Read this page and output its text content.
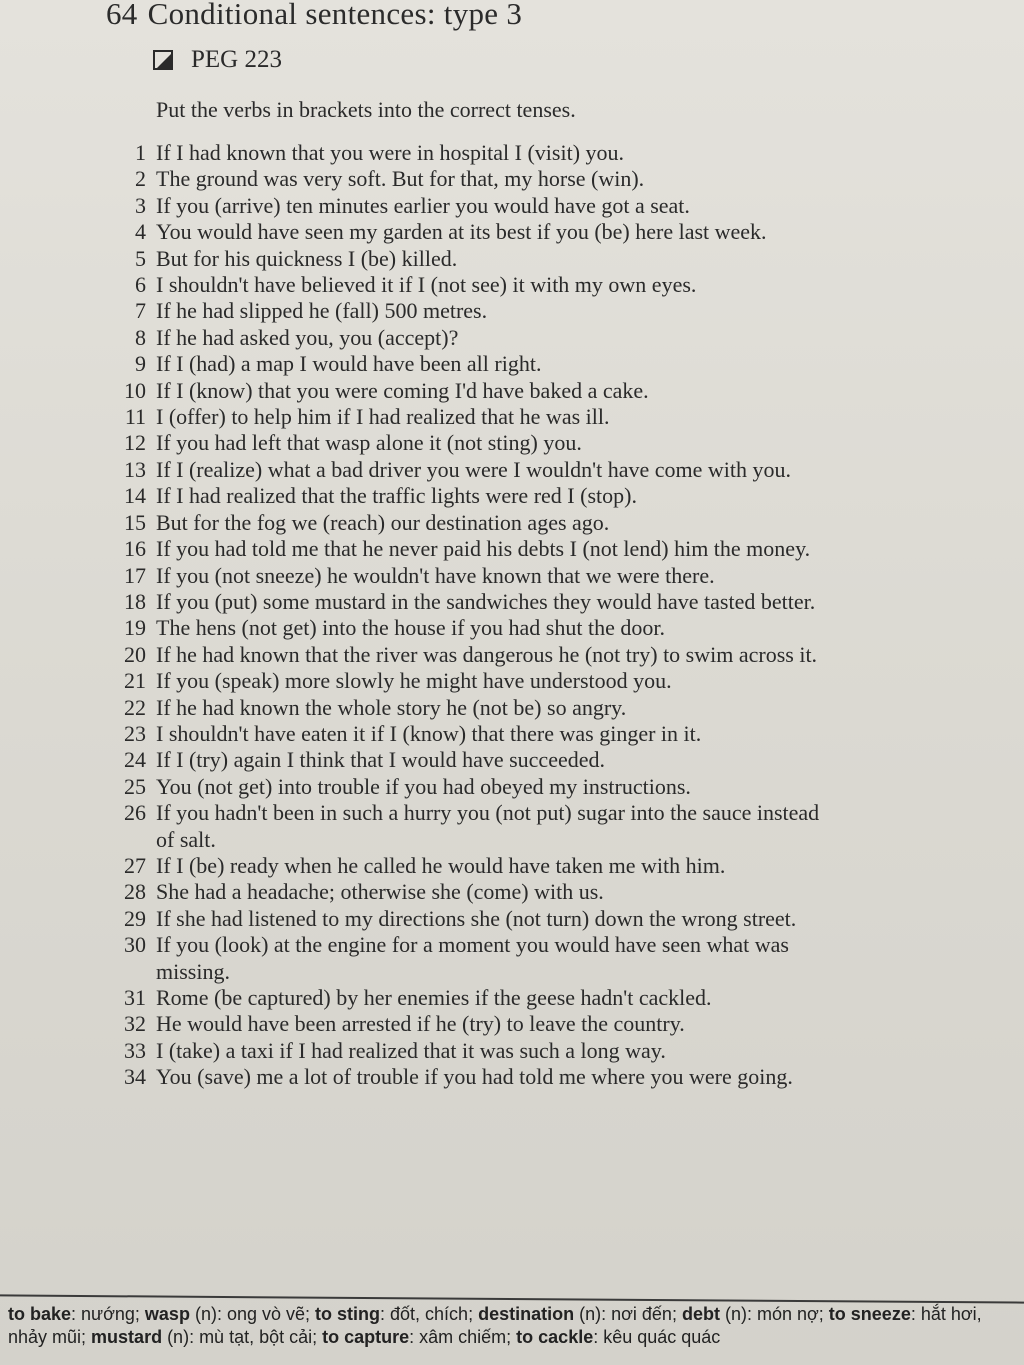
64 Conditional sentences: type 3
PEG 223
Put the verbs in brackets into the correct tenses.
1 If I had known that you were in hospital I (visit) you.
2 The ground was very soft. But for that, my horse (win).
3 If you (arrive) ten minutes earlier you would have got a seat.
4 You would have seen my garden at its best if you (be) here last week.
5 But for his quickness I (be) killed.
6 I shouldn't have believed it if I (not see) it with my own eyes.
7 If he had slipped he (fall) 500 metres.
8 If he had asked you, you (accept)?
9 If I (had) a map I would have been all right.
10 If I (know) that you were coming I'd have baked a cake.
11 I (offer) to help him if I had realized that he was ill.
12 If you had left that wasp alone it (not sting) you.
13 If I (realize) what a bad driver you were I wouldn't have come with you.
14 If I had realized that the traffic lights were red I (stop).
15 But for the fog we (reach) our destination ages ago.
16 If you had told me that he never paid his debts I (not lend) him the money.
17 If you (not sneeze) he wouldn't have known that we were there.
18 If you (put) some mustard in the sandwiches they would have tasted better.
19 The hens (not get) into the house if you had shut the door.
20 If he had known that the river was dangerous he (not try) to swim across it.
21 If you (speak) more slowly he might have understood you.
22 If he had known the whole story he (not be) so angry.
23 I shouldn't have eaten it if I (know) that there was ginger in it.
24 If I (try) again I think that I would have succeeded.
25 You (not get) into trouble if you had obeyed my instructions.
26 If you hadn't been in such a hurry you (not put) sugar into the sauce instead of salt.
27 If I (be) ready when he called he would have taken me with him.
28 She had a headache; otherwise she (come) with us.
29 If she had listened to my directions she (not turn) down the wrong street.
30 If you (look) at the engine for a moment you would have seen what was missing.
31 Rome (be captured) by her enemies if the geese hadn't cackled.
32 He would have been arrested if he (try) to leave the country.
33 I (take) a taxi if I had realized that it was such a long way.
34 You (save) me a lot of trouble if you had told me where you were going.
to bake: nướng; wasp (n): ong vò vẽ; to sting: đốt, chích; destination (n): nơi đến; debt (n): món nợ; to sneeze: hắt hơi, nhảy mũi; mustard (n): mù tạt, bột cải; to capture: xâm chiếm; to cackle: kêu quác quác
